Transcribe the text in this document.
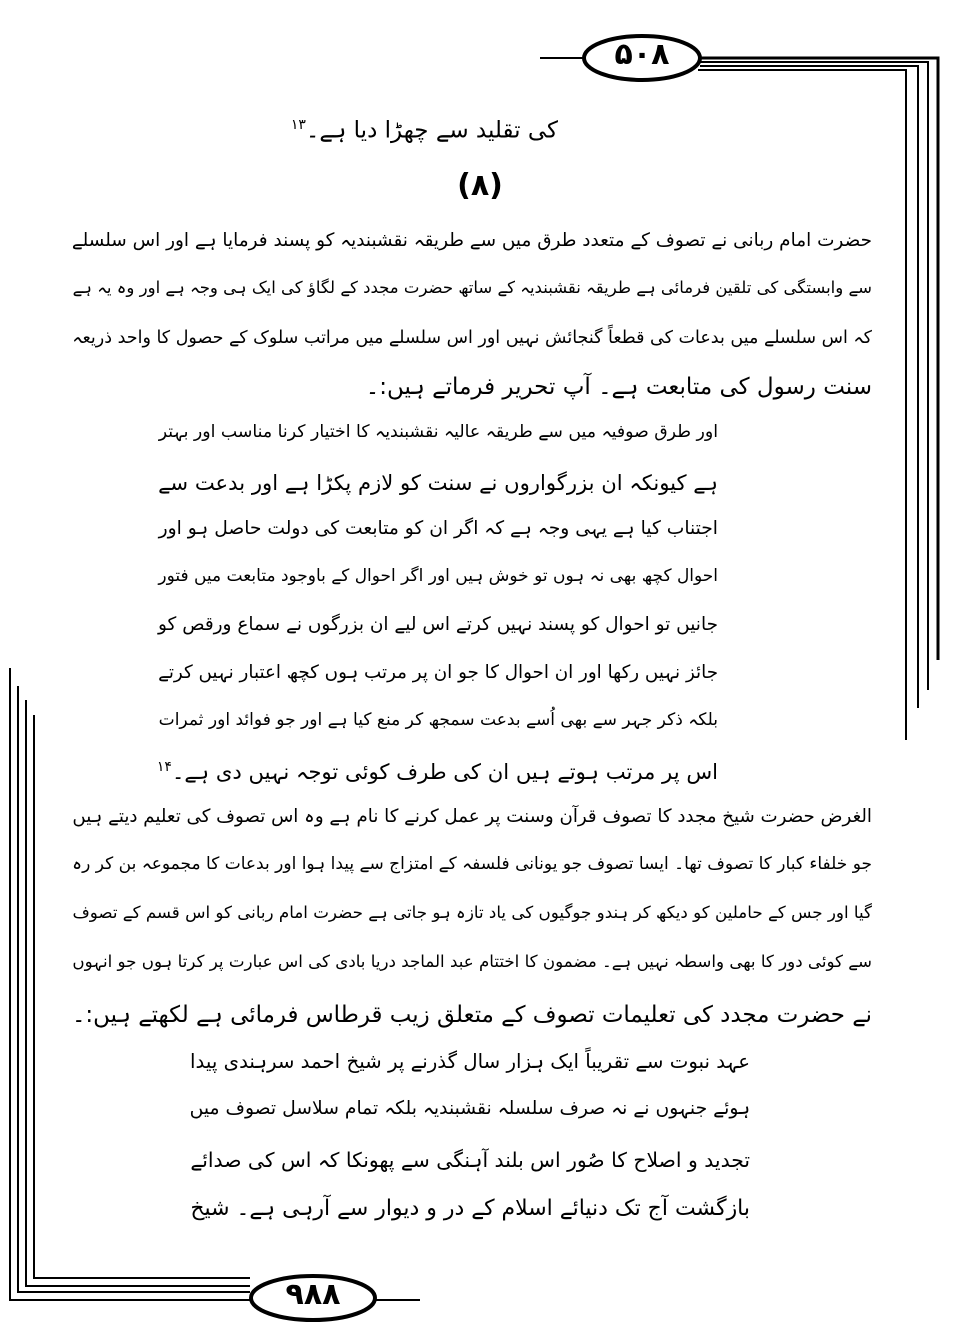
۵۰۸
۹۸۸
کی تقلید سے چھڑا دیا ہے۔$^{۱۳}$
(۸)
حضرت امام ربانی نے تصوف کے متعدد طرق میں سے طریقہ نقشبندیہ کو پسند فرمایا ہے اور اس سلسلے
سے وابستگی کی تلقین فرمائی ہے طریقہ نقشبندیہ کے ساتھ حضرت مجدد کے لگاؤ کی ایک ہی وجہ ہے اور وہ یہ ہے
کہ اس سلسلے میں بدعات کی قطعاً گنجائش نہیں اور اس سلسلے میں مراتب سلوک کے حصول کا واحد ذریعہ
سنت رسول کی متابعت ہے۔ آپ تحریر فرماتے ہیں:۔
اور طرق صوفیہ میں سے طریقہ عالیہ نقشبندیہ کا اختیار کرنا مناسب اور بہتر
ہے کیونکہ ان بزرگواروں نے سنت کو لازم پکڑا ہے اور بدعت سے
اجتناب کیا ہے یہی وجہ ہے کہ اگر ان کو متابعت کی دولت حاصل ہو اور
احوال کچھ بھی نہ ہوں تو خوش ہیں اور اگر احوال کے باوجود متابعت میں فتور
جانیں تو احوال کو پسند نہیں کرتے اس لیے ان بزرگوں نے سماع ورقص کو
جائز نہیں رکھا اور ان احوال کا جو ان پر مرتب ہوں کچھ اعتبار نہیں کرتے
بلکہ ذکر جہر سے بھی اُسے بدعت سمجھ کر منع کیا ہے اور جو فوائد اور ثمرات
اس پر مرتب ہوتے ہیں ان کی طرف کوئی توجہ نہیں دی ہے۔$^{۱۴}$
الغرض حضرت شیخ مجدد کا تصوف قرآن وسنت پر عمل کرنے کا نام ہے وہ اس تصوف کی تعلیم دیتے ہیں
جو خلفاء کبار کا تصوف تھا۔ ایسا تصوف جو یونانی فلسفہ کے امتزاج سے پیدا ہوا اور بدعات کا مجموعہ بن کر رہ
گیا اور جس کے حاملین کو دیکھ کر ہندو جوگیوں کی یاد تازہ ہو جاتی ہے حضرت امام ربانی کو اس قسم کے تصوف
سے کوئی دور کا بھی واسطہ نہیں ہے۔ مضمون کا اختتام عبد الماجد دریا بادی کی اس عبارت پر کرتا ہوں جو انہوں
نے حضرت مجدد کی تعلیمات تصوف کے متعلق زیب قرطاس فرمائی ہے لکھتے ہیں:۔
عہد نبوت سے تقریباً ایک ہزار سال گذرنے پر شیخ احمد سرہندی پیدا
ہوئے جنہوں نے نہ صرف سلسلہ نقشبندیہ بلکہ تمام سلاسل تصوف میں
تجدید و اصلاح کا صُور اس بلند آہنگی سے پھونکا کہ اس کی صدائے
بازگشت آج تک دنیائے اسلام کے در و دیوار سے آرہی ہے۔ شیخ
